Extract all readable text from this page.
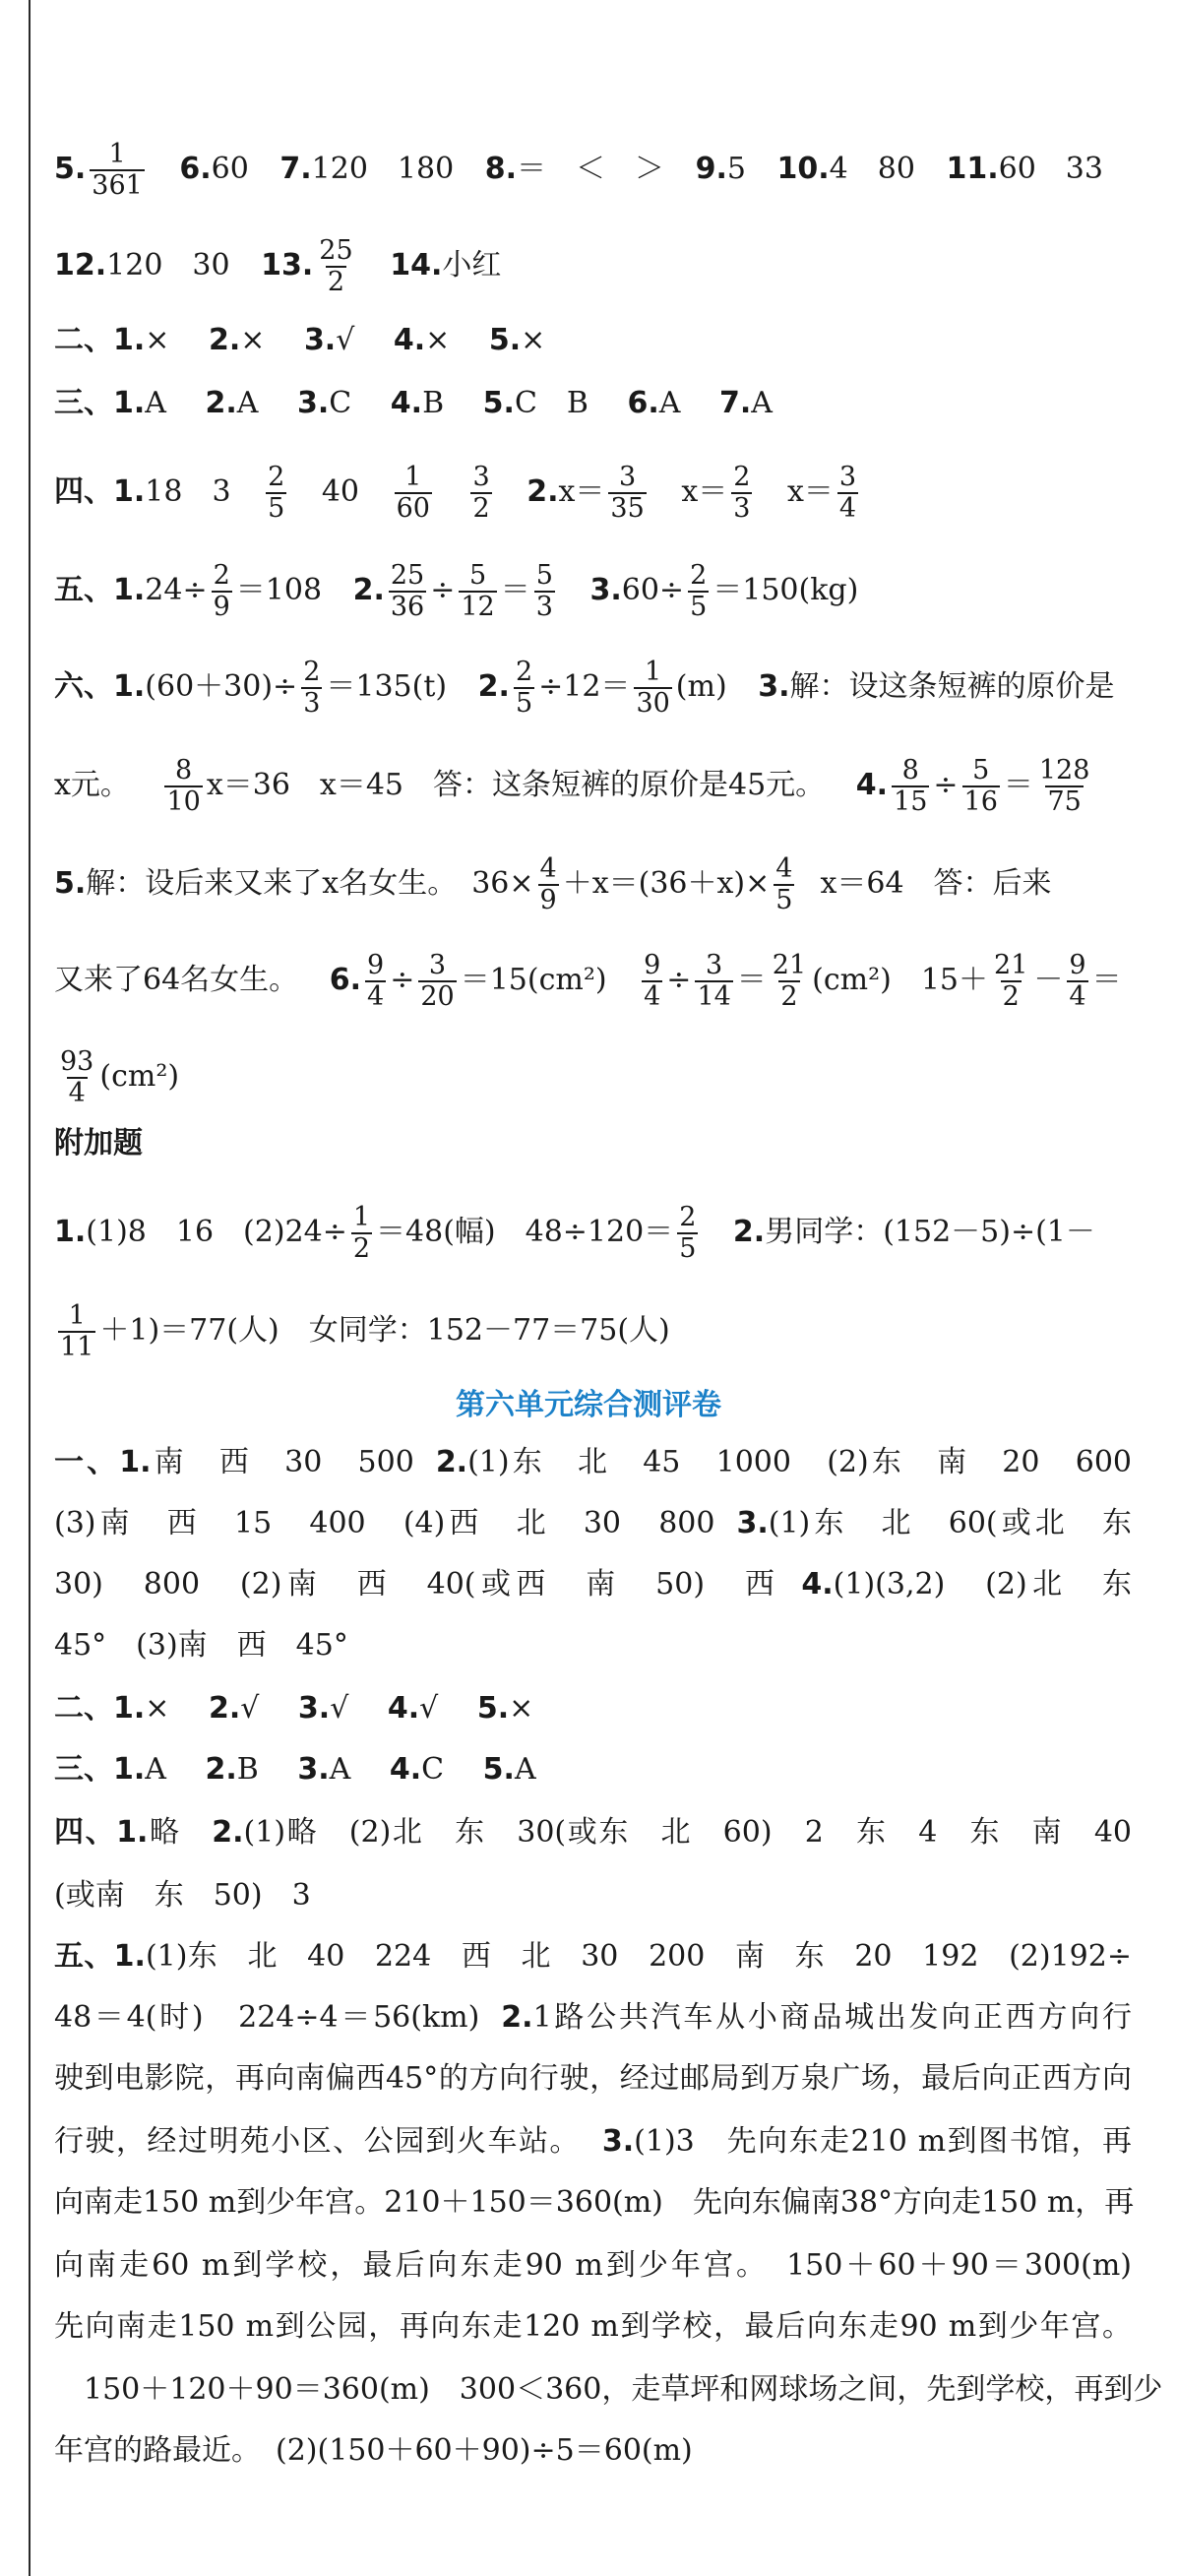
5. $\frac{1}{361} 6.60$ 7.120　180 8.＝　＜　＞ 9.5 10.4　80 11.60　33
12.120　30 13. $\frac{25}{2} 14$.小红
二、1.×　 2.×　 3.√　 4.×　 5.×
三、1.A　 2.A　 3.C　 4.B　 5.C　B　 6.A　 7.A
四、1.18　$3 \frac{2}{5} 40 \frac{1}{60}$
$\frac{3}{2} 2.x= \frac{3}{35} x= \frac{2}{3} x= \frac{3}{4}$
五、$1.24\div \frac{2}{9} =108$ 2. $\frac{25}{36} \div \frac{5}{12} = \frac{5}{3} 3.60\div \frac{2}{5} =150(kg)$
六、$1.(60+30)\div \frac{2}{3} =135(t)$ 2. $\frac{2}{5} \div 12= \frac{1}{30} (m)$ 3.解：设这条短裤的原价是
x元。 $\frac{8}{10} x=36$　x＝45　答：这条短裤的原价是45元。 4. $\frac{8}{15} \div \frac{5}{16} = \frac{128}{75}$
5.解：设后来又来了x名女生。　$36\times \frac{4}{9} +x=(36+x)\times \frac{4}{5} x=64$　答：后来
又来了64名女生。 6. $\frac{9}{4} \div \frac{3}{20} =15(cm^2) \frac{9}{4} \div \frac{3}{14} = \frac{21}{2} (cm^2)$　$15+ \frac{21}{2} - \frac{9}{4}$ ＝
$\frac{93}{4} (cm^2)$
附加题
1.(1)8　16　$(2)24\div \frac{1}{2} =48$(幅)　$48\div 120= \frac{2}{5} 2$.男同学：(152－5)÷(1－
$\frac{1}{11} +1)=77$(人)　女同学：152－77＝75(人)
第六单元综合测评卷
一、1.南　西　30　500 2.(1)东　北　45　1000　(2)东　南　20　600
(3)南　西　15　400　(4)西　北　30　800 3.(1)东　北　60(或北　东
30)　800　(2)南　西　40(或西　南　50)　西 4.(1)(3,2)　(2)北　东
45°　(3)南　西　45°
二、1.×　 2.√　 3.√　 4.√　 5.×
三、1.A　 2.B　 3.A　 4.C　 5.A
四、1.略　2.(1)略　(2)北　东　30(或东　北　60)　2　东　4　东　南　40
(或南　东　50)　3
五、1.(1)东　北　40　224　西　北　30　200　南　东　20　192　(2)192÷
48＝4(时)　224÷4＝56(km) 2.1路公共汽车从小商品城出发向正西方向行
驶到电影院，再向南偏西45°的方向行驶，经过邮局到万泉广场，最后向正西方向
行驶，经过明苑小区、公园到火车站。 3.(1)3　先向东走210 m到图书馆，再
向南走150 m到少年宫。210＋150＝360(m)　先向东偏南38°方向走150 m，再
向南走60 m到学校，最后向东走90 m到少年宫。　150＋60＋90＝300(m)
先向南走150 m到公园，再向东走120 m到学校，最后向东走90 m到少年宫。
150＋120＋90＝360(m)　300＜360，走草坪和网球场之间，先到学校，再到少
年宫的路最近。　(2)(150＋60＋90)÷5＝60(m)
